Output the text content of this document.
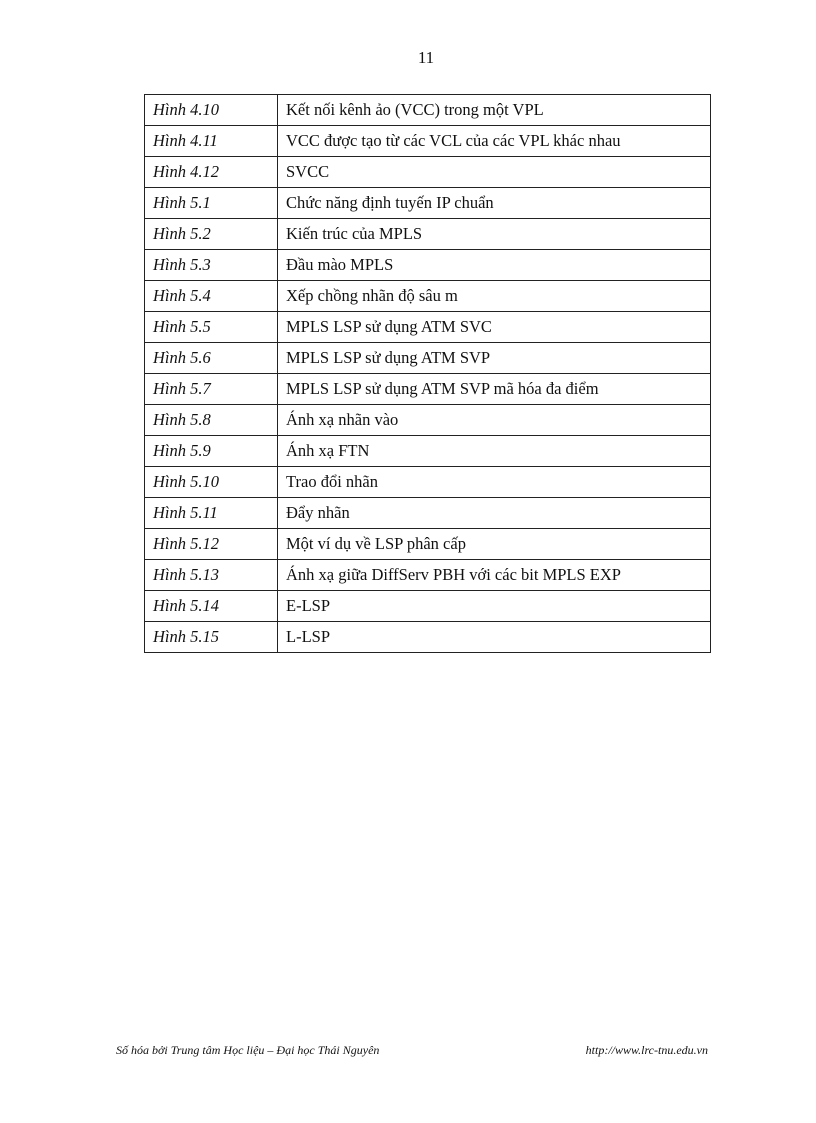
11
Hình 4.10	Kết nối kênh ảo (VCC) trong một VPL
Hình 4.11	VCC được tạo từ các VCL của các VPL khác nhau
Hình 4.12	SVCC
Hình 5.1	Chức năng định tuyến IP chuẩn
Hình 5.2	Kiến trúc của MPLS
Hình 5.3	Đầu mào MPLS
Hình 5.4	Xếp chồng nhãn độ sâu m
Hình 5.5	MPLS LSP sử dụng ATM SVC
Hình 5.6	MPLS LSP sử dụng ATM SVP
Hình 5.7	MPLS LSP sử dụng ATM SVP mã hóa đa điểm
Hình 5.8	Ánh xạ nhãn vào
Hình 5.9	Ánh xạ FTN
Hình 5.10	Trao đổi nhãn
Hình 5.11	Đẩy nhãn
Hình 5.12	Một ví dụ về LSP phân cấp
Hình 5.13	Ánh xạ giữa DiffServ PBH với các bit MPLS EXP
Hình 5.14	E-LSP
Hình 5.15	L-LSP
Số hóa bởi Trung tâm Học liệu – Đại học Thái Nguyên	http://www.lrc-tnu.edu.vn
